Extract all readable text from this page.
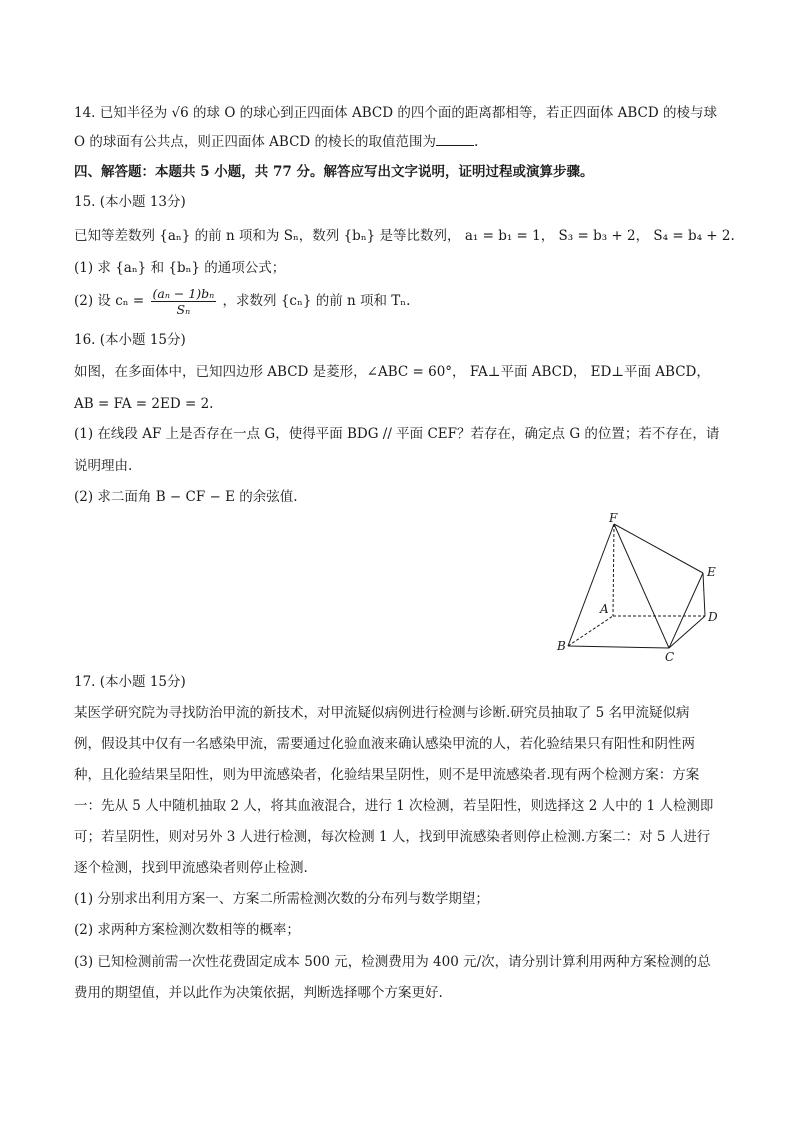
14. 已知半径为 √6 的球 O 的球心到正四面体 ABCD 的四个面的距离都相等，若正四面体 ABCD 的棱与球
O 的球面有公共点，则正四面体 ABCD 的棱长的取值范围为	.
四、解答题：本题共 5 小题，共 77 分。解答应写出文字说明，证明过程或演算步骤。
15. (本小题 13分)
已知等差数列 {aₙ} 的前 n 项和为 Sₙ，数列 {bₙ} 是等比数列， a₁ = b₁ = 1， S₃ = b₃ + 2， S₄ = b₄ + 2.
(1) 求 {aₙ} 和 {bₙ} 的通项公式；
(2) 设 $c_n = \frac{\text{(aₙ − 1)bₙ}}{\text{Sₙ}}$ ，求数列 {cₙ} 的前 n 项和 Tₙ.
16. (本小题 15分)
如图，在多面体中，已知四边形 ABCD 是菱形，∠ABC = 60°， FA⊥平面 ABCD， ED⊥平面 ABCD，
AB = FA = 2ED = 2.
(1) 在线段 AF 上是否存在一点 G，使得平面 BDG // 平面 CEF？若存在，确定点 G 的位置；若不存在，请
说明理由.
(2) 求二面角 B − CF − E 的余弦值.
F
E
A
D
B
C
17. (本小题 15分)
某医学研究院为寻找防治甲流的新技术，对甲流疑似病例进行检测与诊断.研究员抽取了 5 名甲流疑似病
例，假设其中仅有一名感染甲流，需要通过化验血液来确认感染甲流的人，若化验结果只有阳性和阴性两
种，且化验结果呈阳性，则为甲流感染者，化验结果呈阴性，则不是甲流感染者.现有两个检测方案：方案
一：先从 5 人中随机抽取 2 人，将其血液混合，进行 1 次检测，若呈阳性，则选择这 2 人中的 1 人检测即
可；若呈阴性，则对另外 3 人进行检测，每次检测 1 人，找到甲流感染者则停止检测.方案二：对 5 人进行
逐个检测，找到甲流感染者则停止检测.
(1) 分别求出利用方案一、方案二所需检测次数的分布列与数学期望；
(2) 求两种方案检测次数相等的概率；
(3) 已知检测前需一次性花费固定成本 500 元，检测费用为 400 元/次，请分别计算利用两种方案检测的总
费用的期望值，并以此作为决策依据，判断选择哪个方案更好.
